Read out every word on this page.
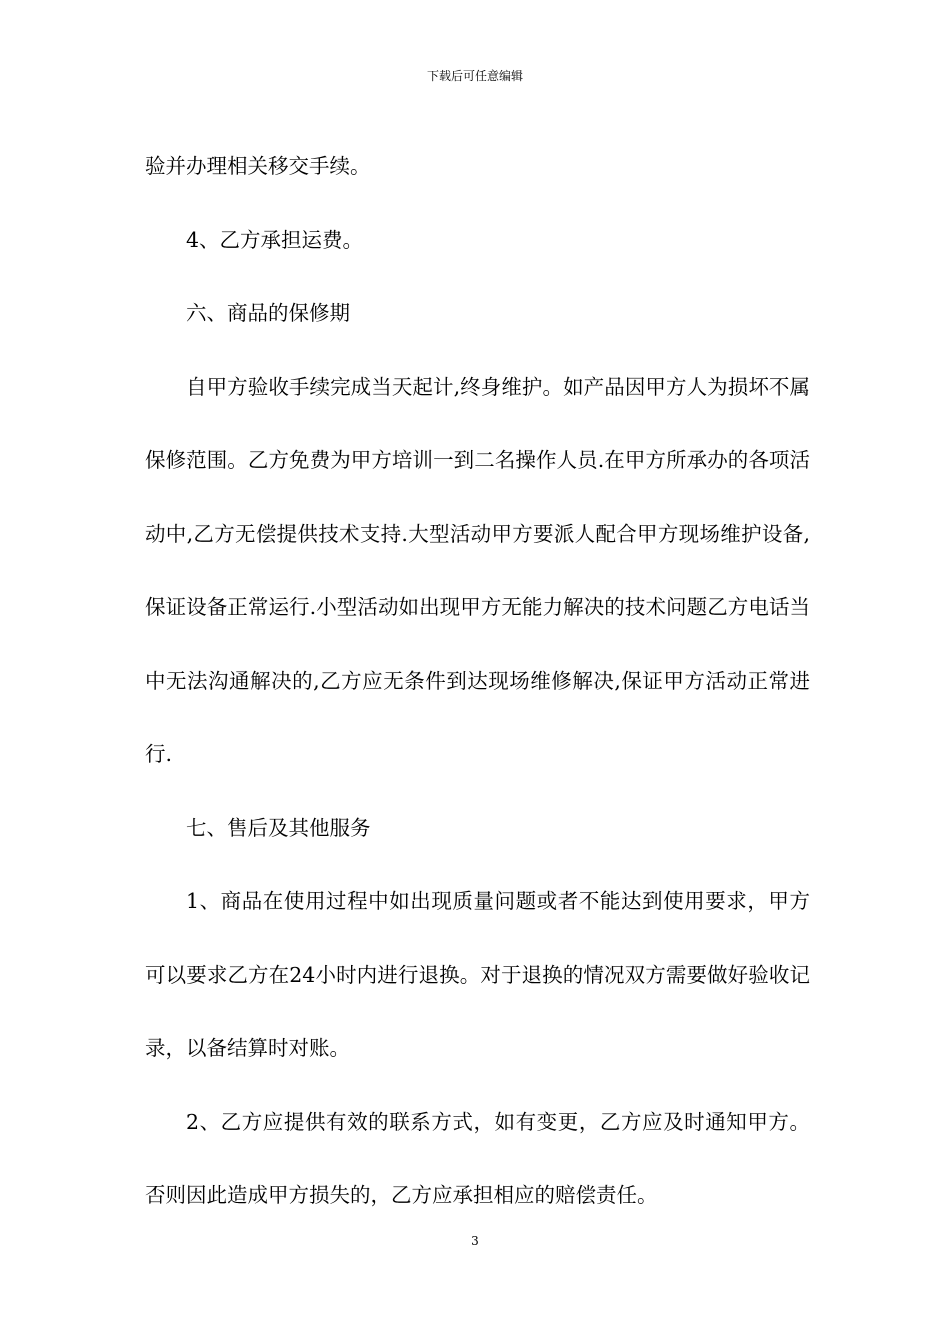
下载后可任意编辑

验并办理相关移交手续。

4、乙方承担运费。

六、商品的保修期

自甲方验收手续完成当天起计,终身维护。如产品因甲方人为损坏不属保修范围。乙方免费为甲方培训一到二名操作人员.在甲方所承办的各项活动中,乙方无偿提供技术支持.大型活动甲方要派人配合甲方现场维护设备,保证设备正常运行.小型活动如出现甲方无能力解决的技术问题乙方电话当中无法沟通解决的,乙方应无条件到达现场维修解决,保证甲方活动正常进行.

七、售后及其他服务

1、商品在使用过程中如出现质量问题或者不能达到使用要求，甲方可以要求乙方在24小时内进行退换。对于退换的情况双方需要做好验收记录，以备结算时对账。

2、乙方应提供有效的联系方式，如有变更，乙方应及时通知甲方。否则因此造成甲方损失的，乙方应承担相应的赔偿责任。

3
